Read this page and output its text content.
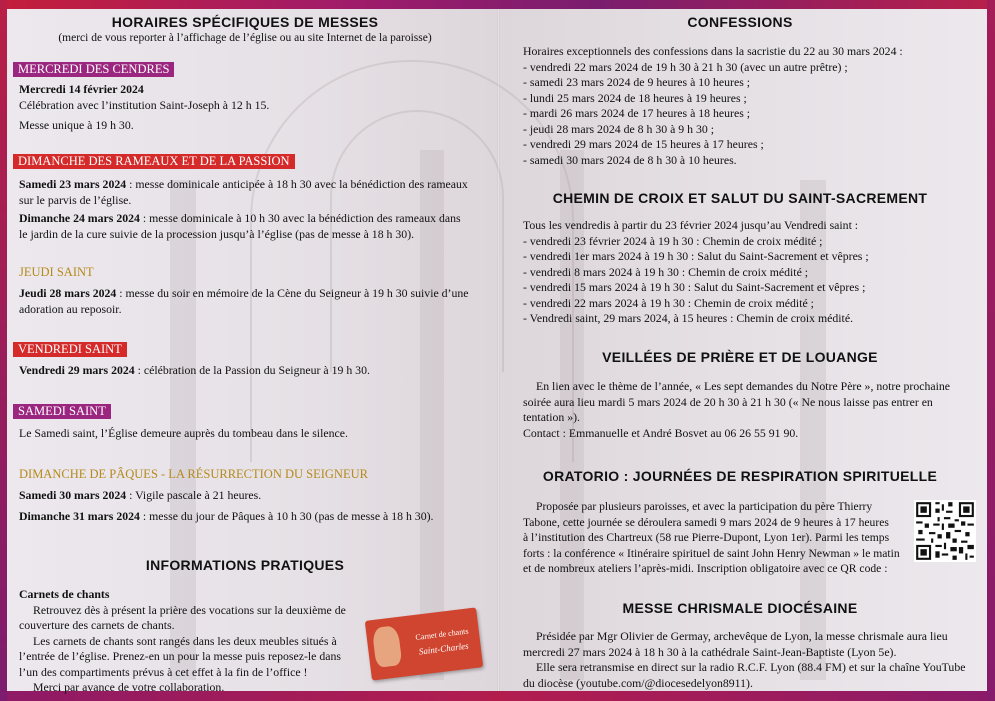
HORAIRES SPÉCIFIQUES DE MESSES
(merci de vous reporter à l’affichage de l’église ou au site Internet de la paroisse)
MERCREDI DES CENDRES
Mercredi 14 février 2024
Célébration avec l’institution Saint-Joseph à 12 h 15.
Messe unique à 19 h 30.
DIMANCHE DES RAMEAUX ET DE LA PASSION
Samedi 23 mars 2024 : messe dominicale anticipée à 18 h 30 avec la bénédiction des rameaux
sur le parvis de l’église.
Dimanche 24 mars 2024 : messe dominicale à 10 h 30 avec la bénédiction des rameaux dans
le jardin de la cure suivie de la procession jusqu’à l’église (pas de messe à 18 h 30).
JEUDI SAINT
Jeudi 28 mars 2024 : messe du soir en mémoire de la Cène du Seigneur à 19 h 30 suivie d’une
adoration au reposoir.
VENDREDI SAINT
Vendredi 29 mars 2024 : célébration de la Passion du Seigneur à 19 h 30.
SAMEDI SAINT
Le Samedi saint, l’Église demeure auprès du tombeau dans le silence.
DIMANCHE DE PÂQUES - LA RÉSURRECTION DU SEIGNEUR
Samedi 30 mars 2024 : Vigile pascale à 21 heures.
Dimanche 31 mars 2024 : messe du jour de Pâques à 10 h 30 (pas de messe à 18 h 30).
INFORMATIONS PRATIQUES
Carnets de chants
Retrouvez dès à présent la prière des vocations sur la deuxième de
couverture des carnets de chants.
Les carnets de chants sont rangés dans les deux meubles situés à
l’entrée de l’église. Prenez-en un pour la messe puis reposez-le dans
l’un des compartiments prévus à cet effet à la fin de l’office !
Merci par avance de votre collaboration.
Carnet de chants
Saint-Charles
CONFESSIONS
Horaires exceptionnels des confessions dans la sacristie du 22 au 30 mars 2024 :
- vendredi 22 mars 2024 de 19 h 30 à 21 h 30 (avec un autre prêtre) ;
- samedi 23 mars 2024 de 9 heures à 10 heures ;
- lundi 25 mars 2024 de 18 heures à 19 heures ;
- mardi 26 mars 2024 de 17 heures à 18 heures ;
- jeudi 28 mars 2024 de 8 h 30 à 9 h 30 ;
- vendredi 29 mars 2024 de 15 heures à 17 heures ;
- samedi 30 mars 2024 de 8 h 30 à 10 heures.
CHEMIN DE CROIX ET SALUT DU SAINT-SACREMENT
Tous les vendredis à partir du 23 février 2024 jusqu’au Vendredi saint :
- vendredi 23 février 2024 à 19 h 30 : Chemin de croix médité ;
- vendredi 1er mars 2024 à 19 h 30 : Salut du Saint-Sacrement et vêpres ;
- vendredi 8 mars 2024 à 19 h 30 : Chemin de croix médité ;
- vendredi 15 mars 2024 à 19 h 30 : Salut du Saint-Sacrement et vêpres ;
- vendredi 22 mars 2024 à 19 h 30 : Chemin de croix médité ;
- Vendredi saint, 29 mars 2024, à 15 heures : Chemin de croix médité.
VEILLÉES DE PRIÈRE ET DE LOUANGE
En lien avec le thème de l’année, « Les sept demandes du Notre Père », notre prochaine
soirée aura lieu mardi 5 mars 2024 de 20 h 30 à 21 h 30 (« Ne nous laisse pas entrer en
tentation »).
Contact : Emmanuelle et André Bosvet au 06 26 55 91 90.
ORATORIO : JOURNÉES DE RESPIRATION SPIRITUELLE
Proposée par plusieurs paroisses, et avec la participation du père Thierry
Tabone, cette journée se déroulera samedi 9 mars 2024 de 9 heures à 17 heures
à l’institution des Chartreux (58 rue Pierre-Dupont, Lyon 1er). Parmi les temps
forts : la conférence « Itinéraire spirituel de saint John Henry Newman » le matin
et de nombreux ateliers l’après-midi. Inscription obligatoire avec ce QR code :
MESSE CHRISMALE DIOCÉSAINE
Présidée par Mgr Olivier de Germay, archevêque de Lyon, la messe chrismale aura lieu
mercredi 27 mars 2024 à 18 h 30 à la cathédrale Saint-Jean-Baptiste (Lyon 5e).
Elle sera retransmise en direct sur la radio R.C.F. Lyon (88.4 FM) et sur la chaîne YouTube
du diocèse (youtube.com/@diocesedelyon8911).
